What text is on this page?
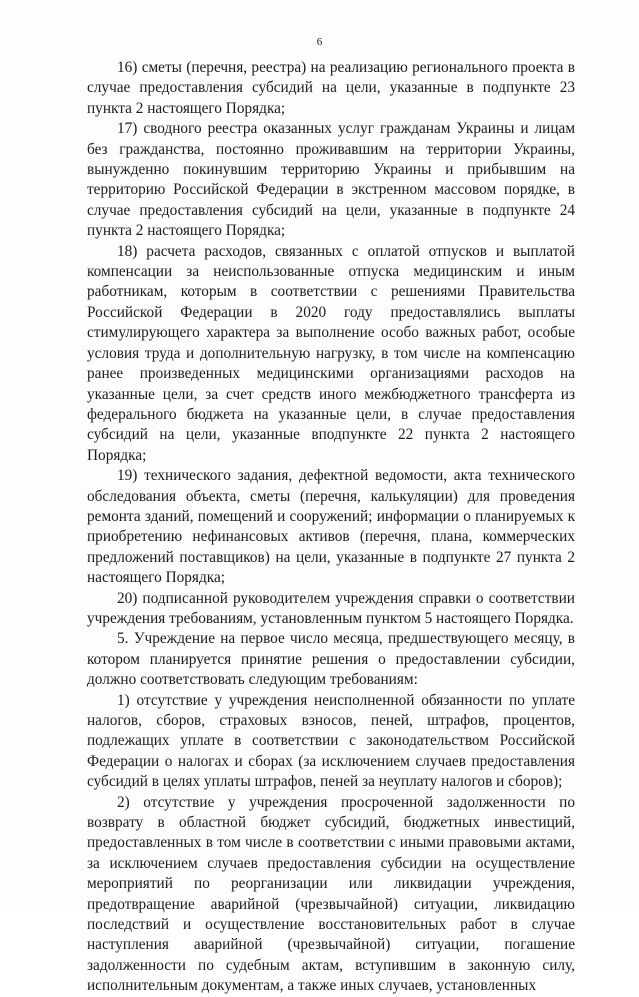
6

16) сметы (перечня, реестра) на реализацию регионального проекта в случае предоставления субсидий на цели, указанные в подпункте 23 пункта 2 настоящего Порядка;

17) сводного реестра оказанных услуг гражданам Украины и лицам без гражданства, постоянно проживавшим на территории Украины, вынужденно покинувшим территорию Украины и прибывшим на территорию Российской Федерации в экстренном массовом порядке, в случае предоставления субсидий на цели, указанные в подпункте 24 пункта 2 настоящего Порядка;

18) расчета расходов, связанных с оплатой отпусков и выплатой компенсации за неиспользованные отпуска медицинским и иным работникам, которым в соответствии с решениями Правительства Российской Федерации в 2020 году предоставлялись выплаты стимулирующего характера за выполнение особо важных работ, особые условия труда и дополнительную нагрузку, в том числе на компенсацию ранее произведенных медицинскими организациями расходов на указанные цели, за счет средств иного межбюджетного трансферта из федерального бюджета на указанные цели, в случае предоставления субсидий на цели, указанные вподпункте 22 пункта 2 настоящего Порядка;

19) технического задания, дефектной ведомости, акта технического обследования объекта, сметы (перечня, калькуляции) для проведения ремонта зданий, помещений и сооружений; информации о планируемых к приобретению нефинансовых активов (перечня, плана, коммерческих предложений поставщиков) на цели, указанные в подпункте 27 пункта 2 настоящего Порядка;

20) подписанной руководителем учреждения справки о соответствии учреждения требованиям, установленным пунктом 5 настоящего Порядка.

5. Учреждение на первое число месяца, предшествующего месяцу, в котором планируется принятие решения о предоставлении субсидии, должно соответствовать следующим требованиям:

1) отсутствие у учреждения неисполненной обязанности по уплате налогов, сборов, страховых взносов, пеней, штрафов, процентов, подлежащих уплате в соответствии с законодательством Российской Федерации о налогах и сборах (за исключением случаев предоставления субсидий в целях уплаты штрафов, пеней за неуплату налогов и сборов);

2) отсутствие у учреждения просроченной задолженности по возврату в областной бюджет субсидий, бюджетных инвестиций, предоставленных в том числе в соответствии с иными правовыми актами, за исключением случаев предоставления субсидии на осуществление мероприятий по реорганизации или ликвидации учреждения, предотвращение аварийной (чрезвычайной) ситуации, ликвидацию последствий и осуществление восстановительных работ в случае наступления аварийной (чрезвычайной) ситуации, погашение задолженности по судебным актам, вступившим в законную силу, исполнительным документам, а также иных случаев, установленных
